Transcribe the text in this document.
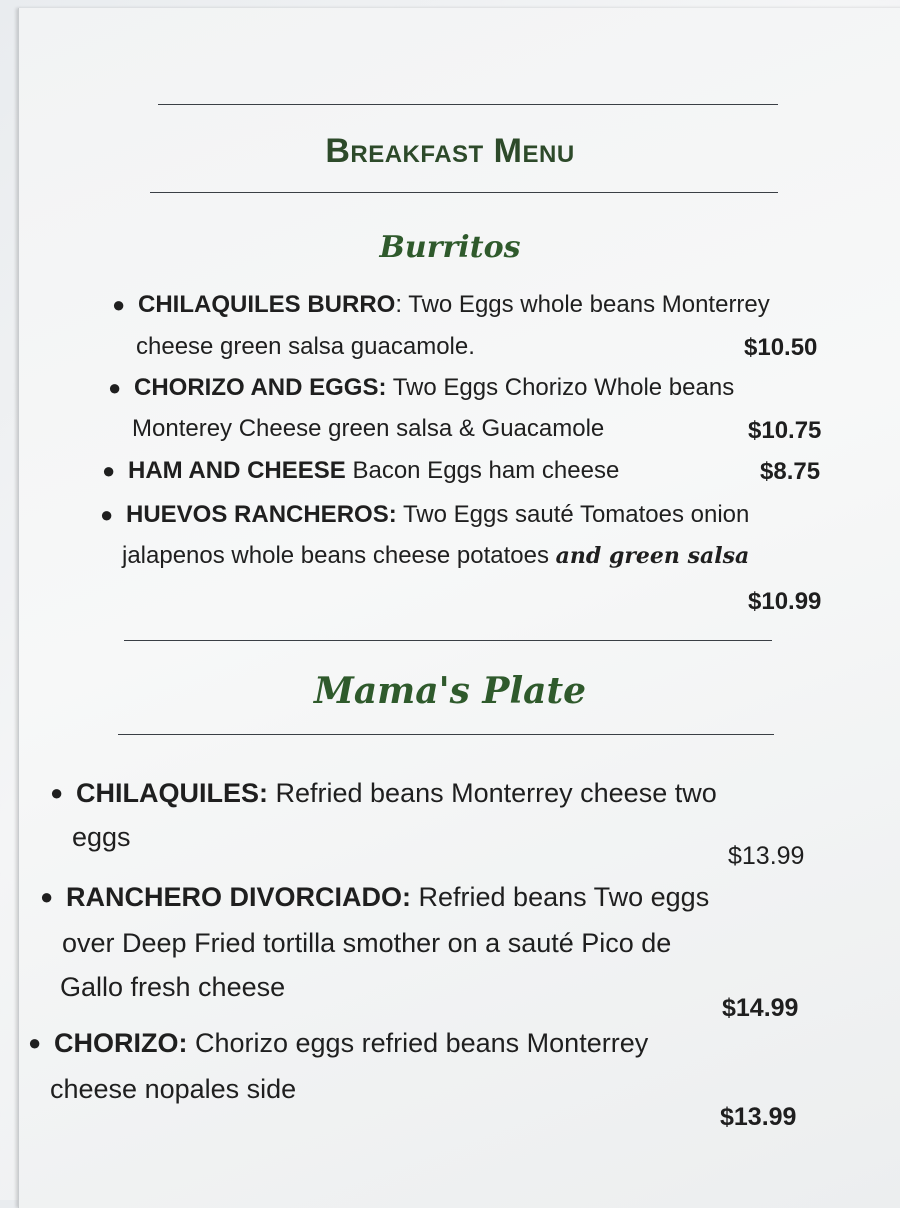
Breakfast Menu
Burritos
● CHILAQUILES BURRO: Two Eggs whole beans Monterrey
cheese green salsa guacamole.	$10.50
● CHORIZO AND EGGS: Two Eggs Chorizo Whole beans
Monterey Cheese green salsa & Guacamole	$10.75
● HAM AND CHEESE Bacon Eggs ham cheese	$8.75
● HUEVOS RANCHEROS: Two Eggs sauté Tomatoes onion
jalapenos whole beans cheese potatoes and green salsa
$10.99
Mama's Plate
● CHILAQUILES: Refried beans Monterrey cheese two
eggs
$13.99
● RANCHERO DIVORCIADO: Refried beans Two eggs
over Deep Fried tortilla smother on a sauté Pico de
Gallo fresh cheese
$14.99
● CHORIZO: Chorizo eggs refried beans Monterrey
cheese nopales side
$13.99
